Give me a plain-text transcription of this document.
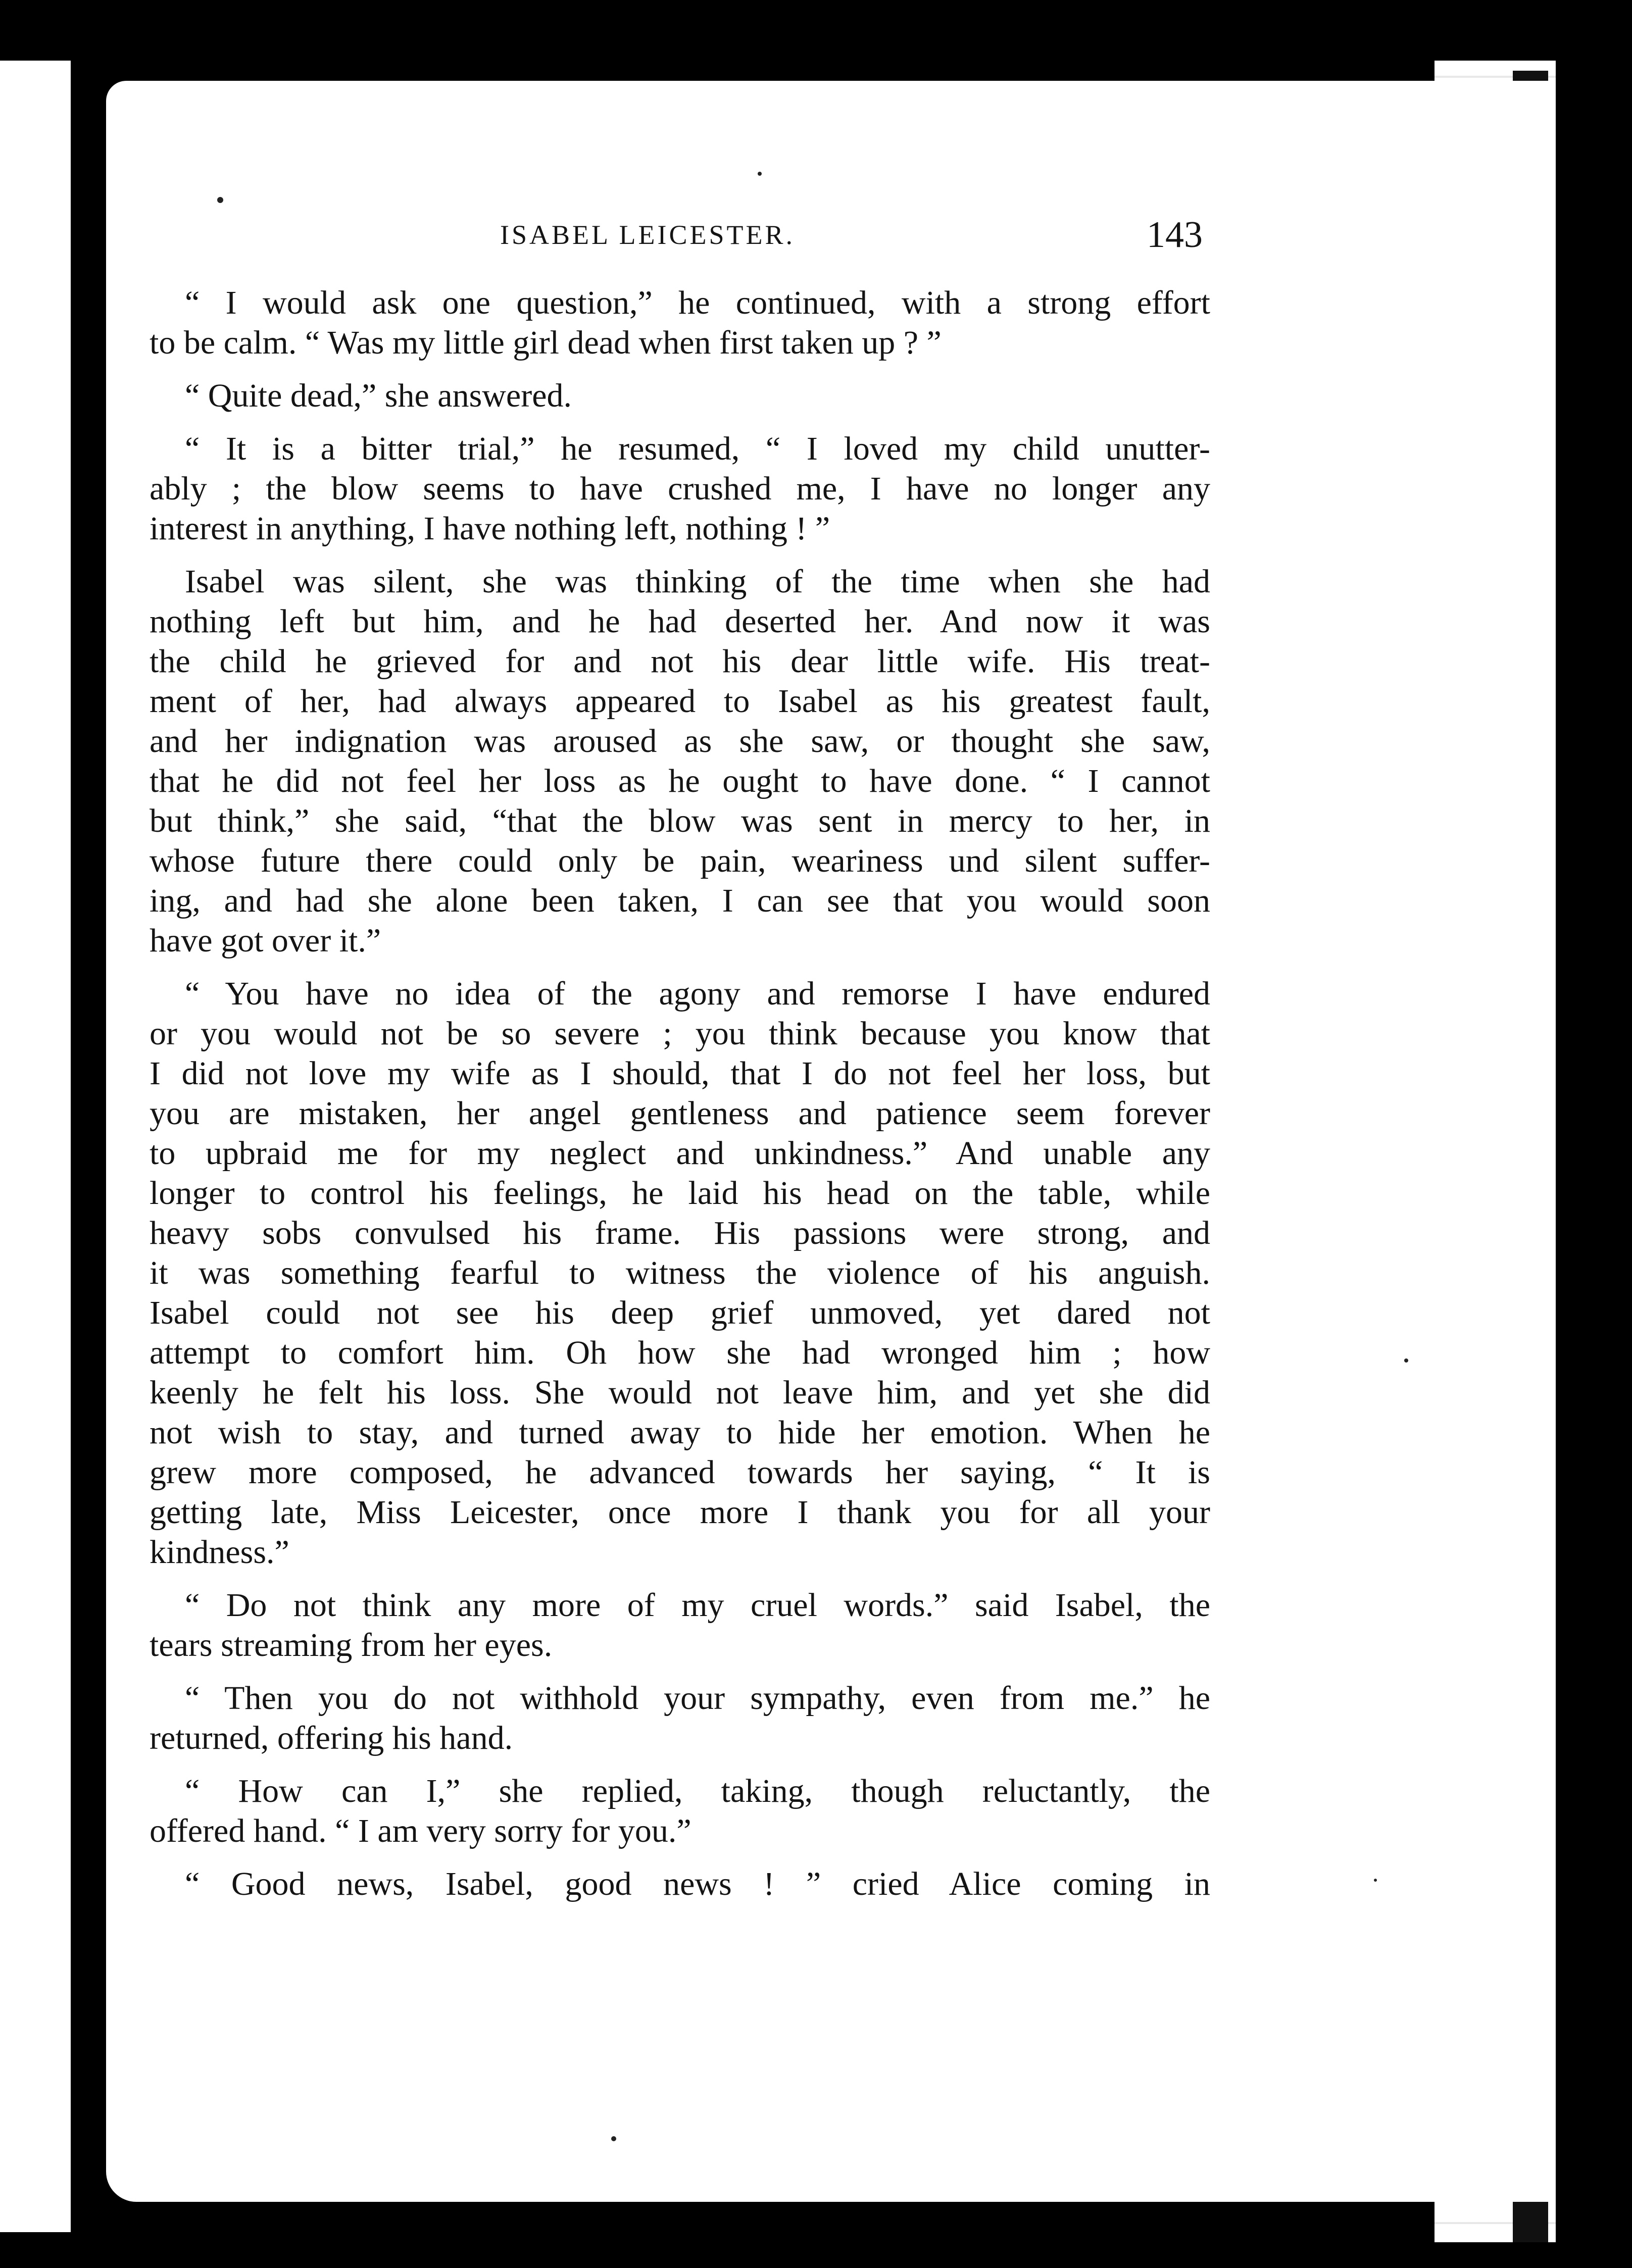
ISABEL LEICESTER.	143
“ I would ask one question,” he continued, with a strong effort
to be calm. “ Was my little girl dead when first taken up ? ”
“ Quite dead,” she answered.
“ It is a bitter trial,” he resumed, “ I loved my child unutter-
ably ; the blow seems to have crushed me, I have no longer any
interest in anything, I have nothing left, nothing ! ”
Isabel was silent, she was thinking of the time when she had
nothing left but him, and he had deserted her. And now it was
the child he grieved for and not his dear little wife. His treat-
ment of her, had always appeared to Isabel as his greatest fault,
and her indignation was aroused as she saw, or thought she saw,
that he did not feel her loss as he ought to have done. “ I cannot
but think,” she said, “that the blow was sent in mercy to her, in
whose future there could only be pain, weariness und silent suffer-
ing, and had she alone been taken, I can see that you would soon
have got over it.”
“ You have no idea of the agony and remorse I have endured
or you would not be so severe ; you think because you know that
I did not love my wife as I should, that I do not feel her loss, but
you are mistaken, her angel gentleness and patience seem forever
to upbraid me for my neglect and unkindness.” And unable any
longer to control his feelings, he laid his head on the table, while
heavy sobs convulsed his frame. His passions were strong, and
it was something fearful to witness the violence of his anguish.
Isabel could not see his deep grief unmoved, yet dared not
attempt to comfort him. Oh how she had wronged him ; how
keenly he felt his loss. She would not leave him, and yet she did
not wish to stay, and turned away to hide her emotion. When he
grew more composed, he advanced towards her saying, “ It is
getting late, Miss Leicester, once more I thank you for all your
kindness.”
“ Do not think any more of my cruel words.” said Isabel, the
tears streaming from her eyes.
“ Then you do not withhold your sympathy, even from me.” he
returned, offering his hand.
“ How can I,” she replied, taking, though reluctantly, the
offered hand. “ I am very sorry for you.”
“ Good news, Isabel, good news ! ” cried Alice coming in
